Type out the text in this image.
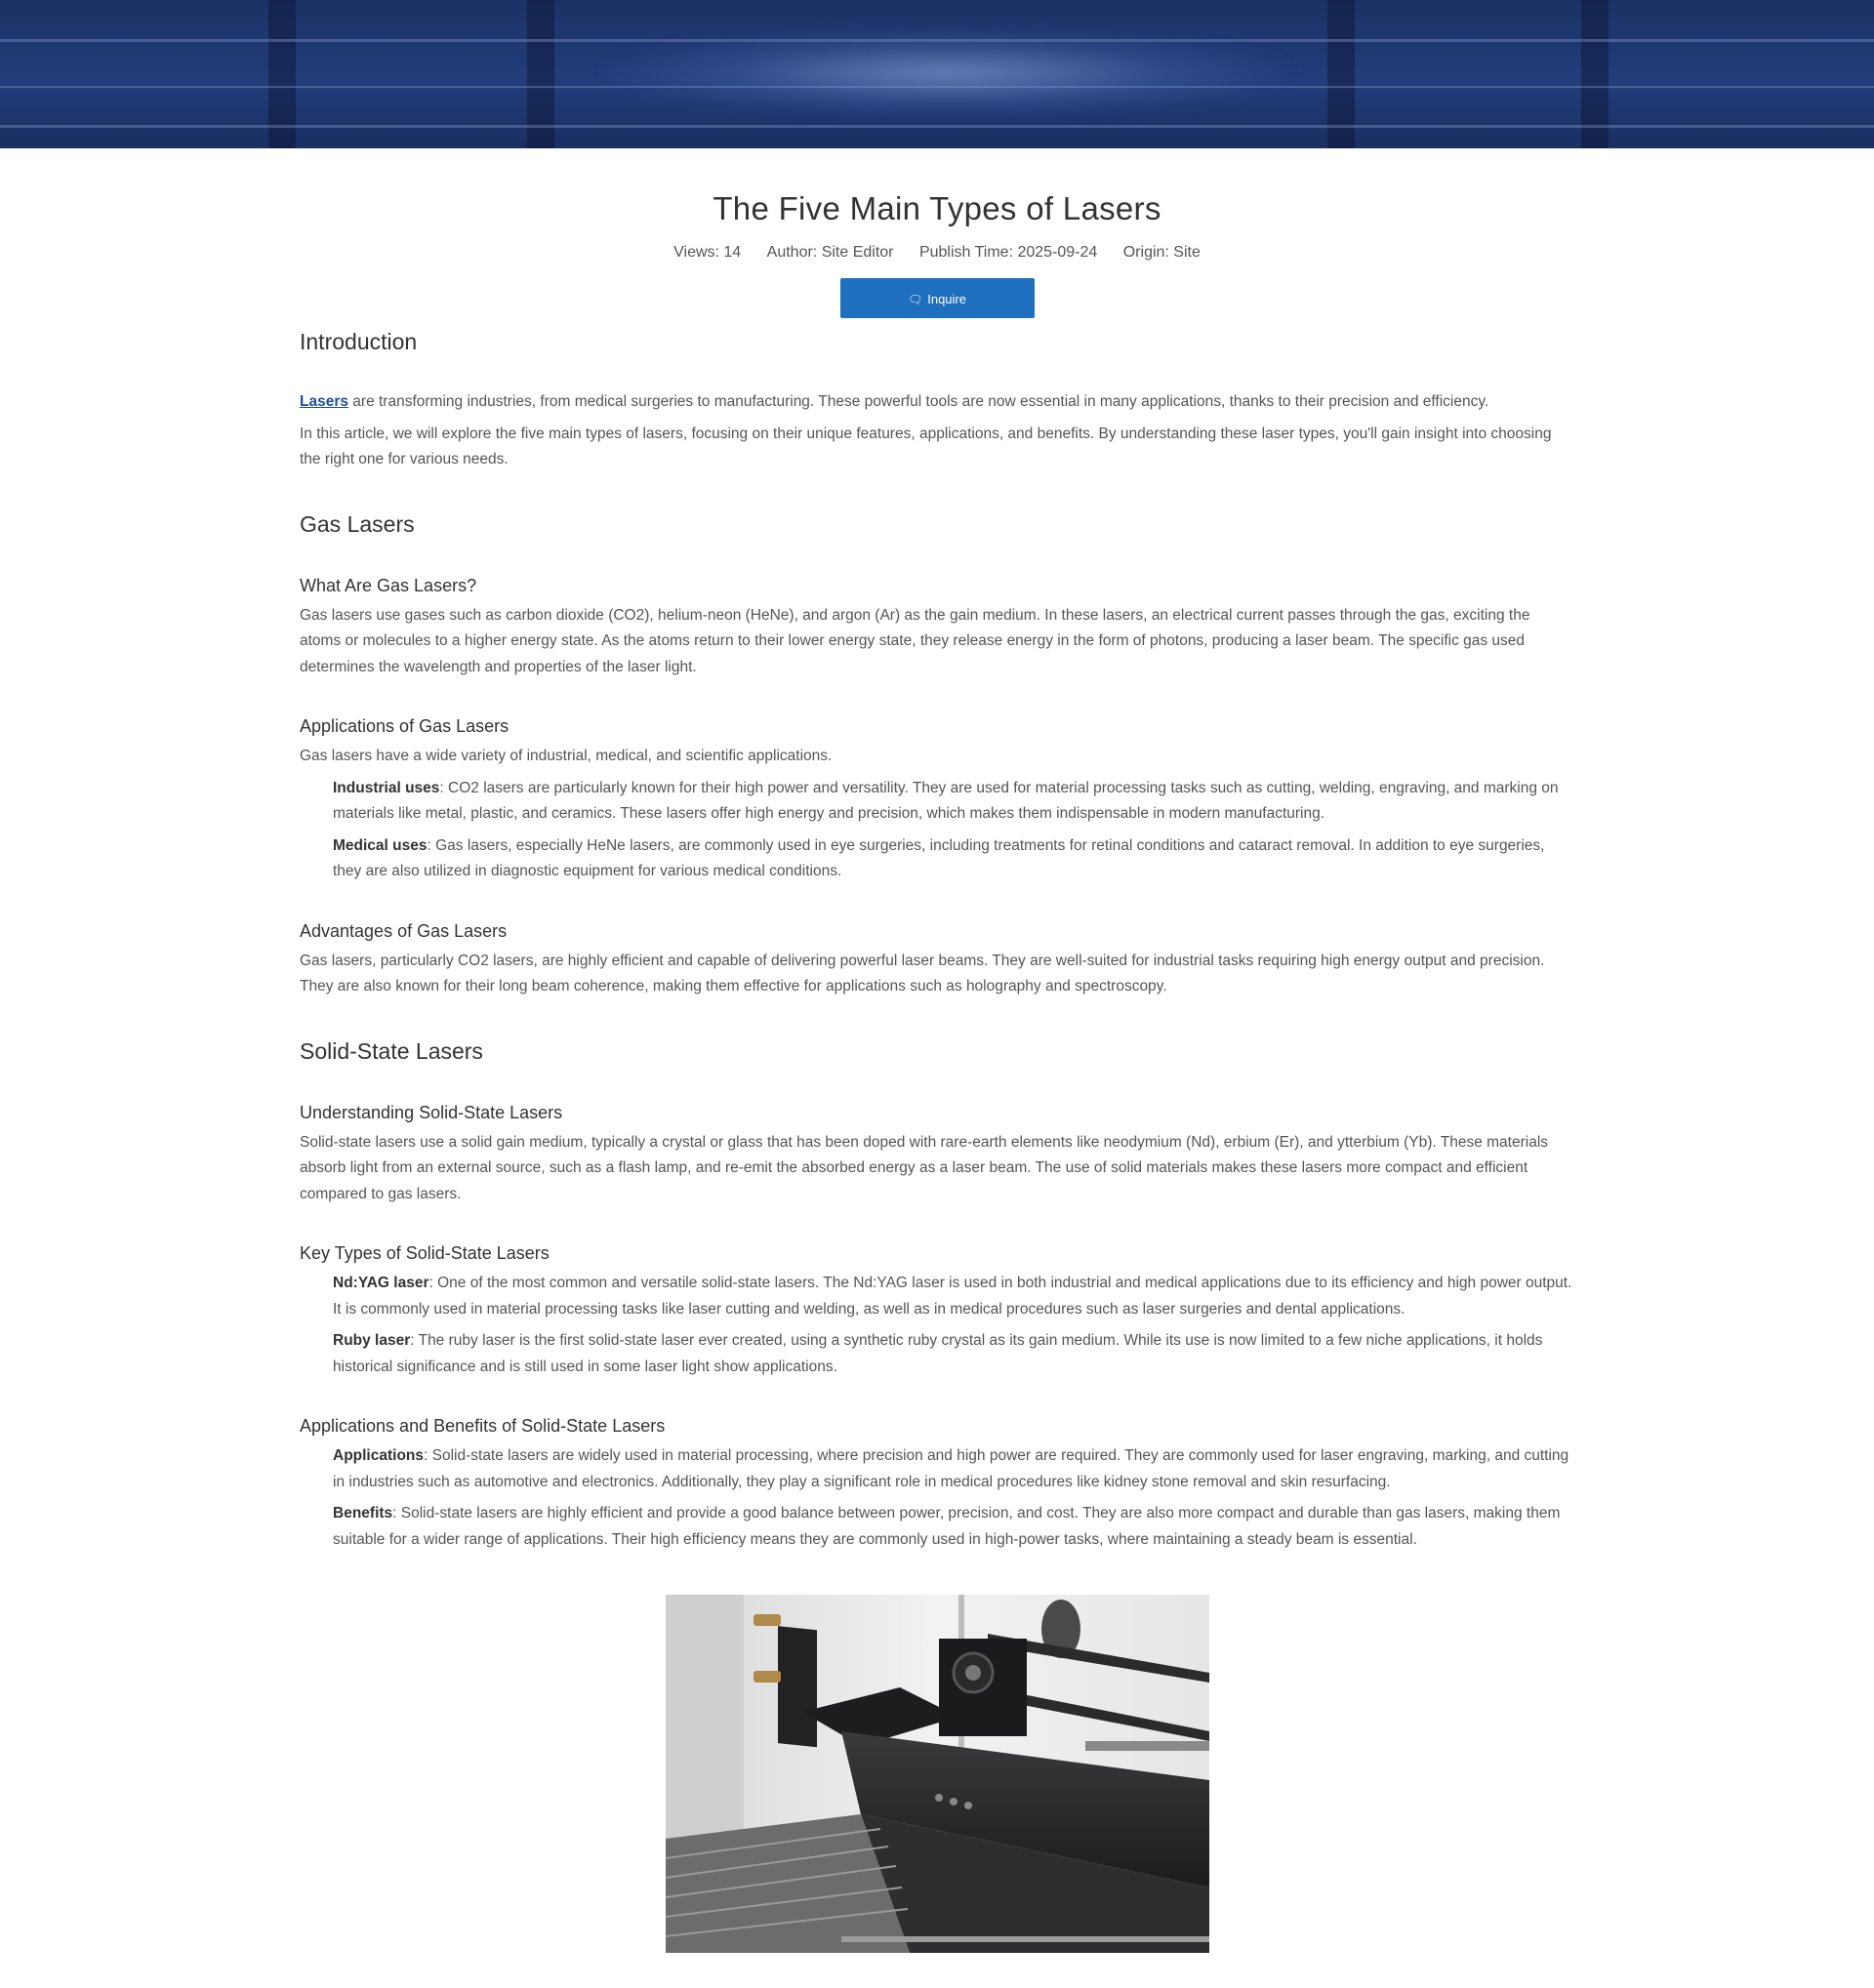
The Five Main Types of Lasers
Views: 14 Author: Site Editor Publish Time: 2025-09-24 Origin: Site
🗨︎ Inquire
Introduction

Lasers are transforming industries, from medical surgeries to manufacturing. These powerful tools are now essential in many applications, thanks to their precision and efficiency.

In this article, we will explore the five main types of lasers, focusing on their unique features, applications, and benefits. By understanding these laser types, you'll gain insight into choosing the right one for various needs.

Gas Lasers
What Are Gas Lasers?

Gas lasers use gases such as carbon dioxide (CO2), helium-neon (HeNe), and argon (Ar) as the gain medium. In these lasers, an electrical current passes through the gas, exciting the atoms or molecules to a higher energy state. As the atoms return to their lower energy state, they release energy in the form of photons, producing a laser beam. The specific gas used determines the wavelength and properties of the laser light.

Applications of Gas Lasers

Gas lasers have a wide variety of industrial, medical, and scientific applications.

Industrial uses: CO2 lasers are particularly known for their high power and versatility. They are used for material processing tasks such as cutting, welding, engraving, and marking on materials like metal, plastic, and ceramics. These lasers offer high energy and precision, which makes them indispensable in modern manufacturing.

Medical uses: Gas lasers, especially HeNe lasers, are commonly used in eye surgeries, including treatments for retinal conditions and cataract removal. In addition to eye surgeries, they are also utilized in diagnostic equipment for various medical conditions.

Advantages of Gas Lasers

Gas lasers, particularly CO2 lasers, are highly efficient and capable of delivering powerful laser beams. They are well-suited for industrial tasks requiring high energy output and precision. They are also known for their long beam coherence, making them effective for applications such as holography and spectroscopy.

Solid-State Lasers
Understanding Solid-State Lasers

Solid-state lasers use a solid gain medium, typically a crystal or glass that has been doped with rare-earth elements like neodymium (Nd), erbium (Er), and ytterbium (Yb). These materials absorb light from an external source, such as a flash lamp, and re-emit the absorbed energy as a laser beam. The use of solid materials makes these lasers more compact and efficient compared to gas lasers.

Key Types of Solid-State Lasers

Nd:YAG laser: One of the most common and versatile solid-state lasers. The Nd:YAG laser is used in both industrial and medical applications due to its efficiency and high power output. It is commonly used in material processing tasks like laser cutting and welding, as well as in medical procedures such as laser surgeries and dental applications.

Ruby laser: The ruby laser is the first solid-state laser ever created, using a synthetic ruby crystal as its gain medium. While its use is now limited to a few niche applications, it holds historical significance and is still used in some laser light show applications.

Applications and Benefits of Solid-State Lasers

Applications: Solid-state lasers are widely used in material processing, where precision and high power are required. They are commonly used for laser engraving, marking, and cutting in industries such as automotive and electronics. Additionally, they play a significant role in medical procedures like kidney stone removal and skin resurfacing.

Benefits: Solid-state lasers are highly efficient and provide a good balance between power, precision, and cost. They are also more compact and durable than gas lasers, making them suitable for a wider range of applications. Their high efficiency means they are commonly used in high-power tasks, where maintaining a steady beam is essential.
